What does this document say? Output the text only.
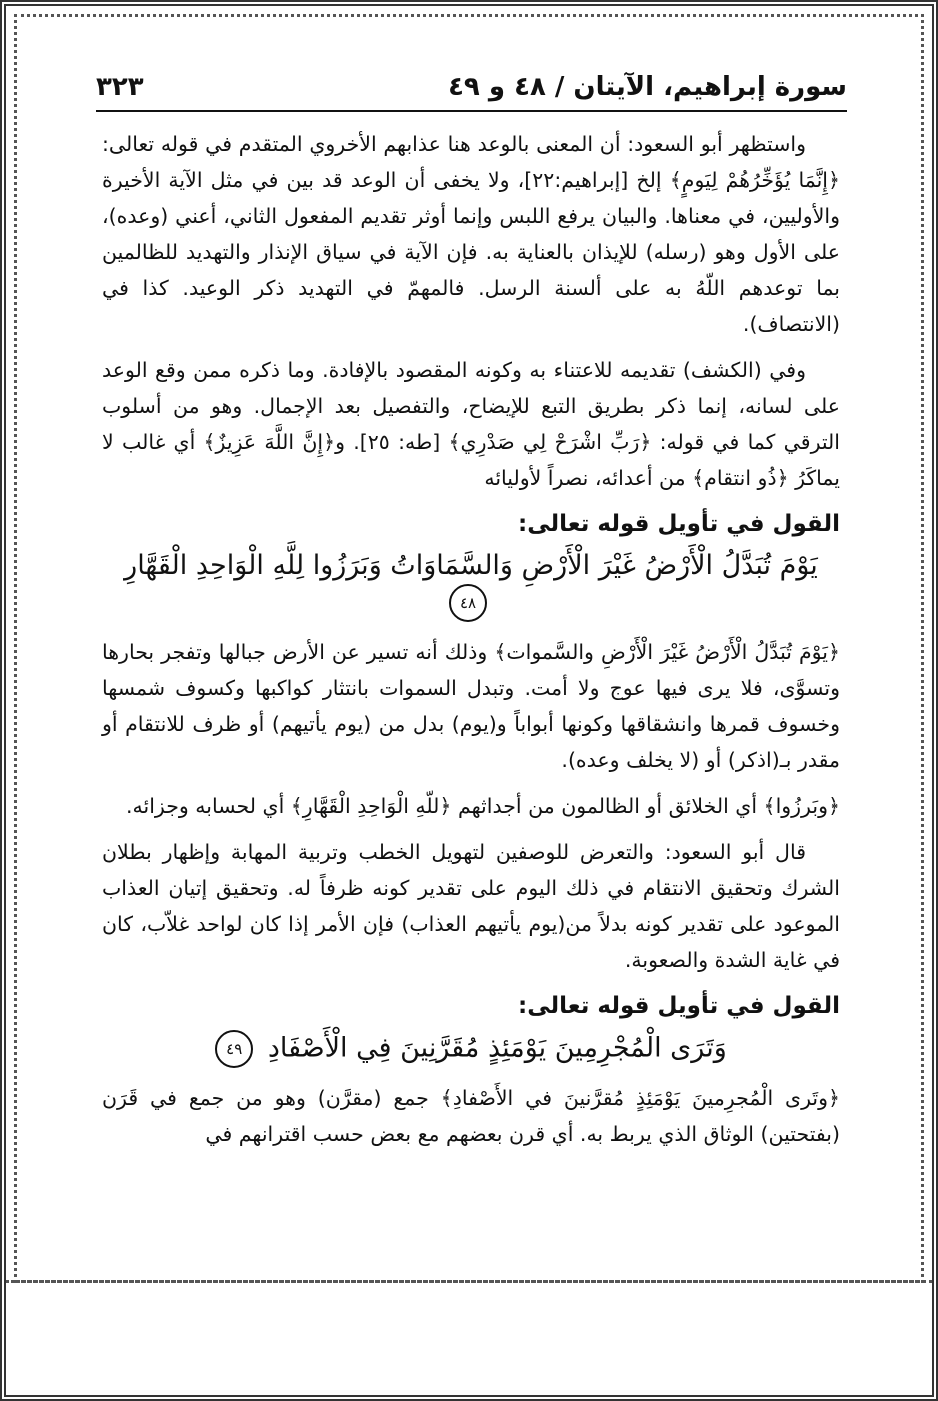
سورة إبراهيم، الآيتان / ٤٨ و ٤٩
٣٢٣

واستظهر أبو السعود: أن المعنى بالوعد هنا عذابهم الأخروي المتقدم في قوله تعالى: ﴿إِنَّمَا يُؤَخِّرُهُمْ لِيَومٍ﴾ إلخ [إبراهيم:٢٢]، ولا يخفى أن الوعد قد بين في مثل الآية الأخيرة والأوليين، في معناها. والبيان يرفع اللبس وإنما أوثر تقديم المفعول الثاني، أعني (وعده)، على الأول وهو (رسله) للإيذان بالعناية به. فإن الآية في سياق الإنذار والتهديد للظالمين بما توعدهم اللّهُ به على ألسنة الرسل. فالمهمّ في التهديد ذكر الوعيد. كذا في (الانتصاف).

وفي (الكشف) تقديمه للاعتناء به وكونه المقصود بالإفادة. وما ذكره ممن وقع الوعد على لسانه، إنما ذكر بطريق التبع للإيضاح، والتفصيل بعد الإجمال. وهو من أسلوب الترقي كما في قوله: ﴿رَبِّ اشْرَحْ لِي صَدْرِي﴾ [طه: ٢٥]. و﴿إِنَّ اللَّهَ عَزِيزٌ﴾ أي غالب لا يماكَرُ ﴿ذُو انتقام﴾ من أعدائه، نصراً لأوليائه

القول في تأويل قوله تعالى:

يَوْمَ تُبَدَّلُ الْأَرْضُ غَيْرَ الْأَرْضِ وَالسَّمَاوَاتُ وَبَرَزُوا لِلَّهِ الْوَاحِدِ الْقَهَّارِ ٤٨

﴿يَوْمَ تُبَدَّلُ الْأَرْضُ غَيْرَ الْأَرْضِ والسَّموات﴾ وذلك أنه تسير عن الأرض جبالها وتفجر بحارها وتسوَّى، فلا يرى فيها عوج ولا أمت. وتبدل السموات بانتثار كواكبها وكسوف شمسها وخسوف قمرها وانشقاقها وكونها أبواباً و(يوم) بدل من (يوم يأتيهم) أو ظرف للانتقام أو مقدر بـ(اذكر) أو (لا يخلف وعده).

﴿وبَرزُوا﴾ أي الخلائق أو الظالمون من أجداثهم ﴿للّهِ الْوَاحِدِ الْقَهَّارِ﴾ أي لحسابه وجزائه.

قال أبو السعود: والتعرض للوصفين لتهويل الخطب وتربية المهابة وإظهار بطلان الشرك وتحقيق الانتقام في ذلك اليوم على تقدير كونه ظرفاً له. وتحقيق إتيان العذاب الموعود على تقدير كونه بدلاً من(يوم يأتيهم العذاب) فإن الأمر إذا كان لواحد غلاّب، كان في غاية الشدة والصعوبة.

القول في تأويل قوله تعالى:

وَتَرَى الْمُجْرِمِينَ يَوْمَئِذٍ مُقَرَّنِينَ فِي الْأَصْفَادِ ٤٩

﴿وتَرى الْمُجرِمينَ يَوْمَئِذٍ مُقرَّنينَ في الأَصْفادِ﴾ جمع (مقرَّن) وهو من جمع في قَرَن (بفتحتين) الوثاق الذي يربط به. أي قرن بعضهم مع بعض حسب اقترانهم في
